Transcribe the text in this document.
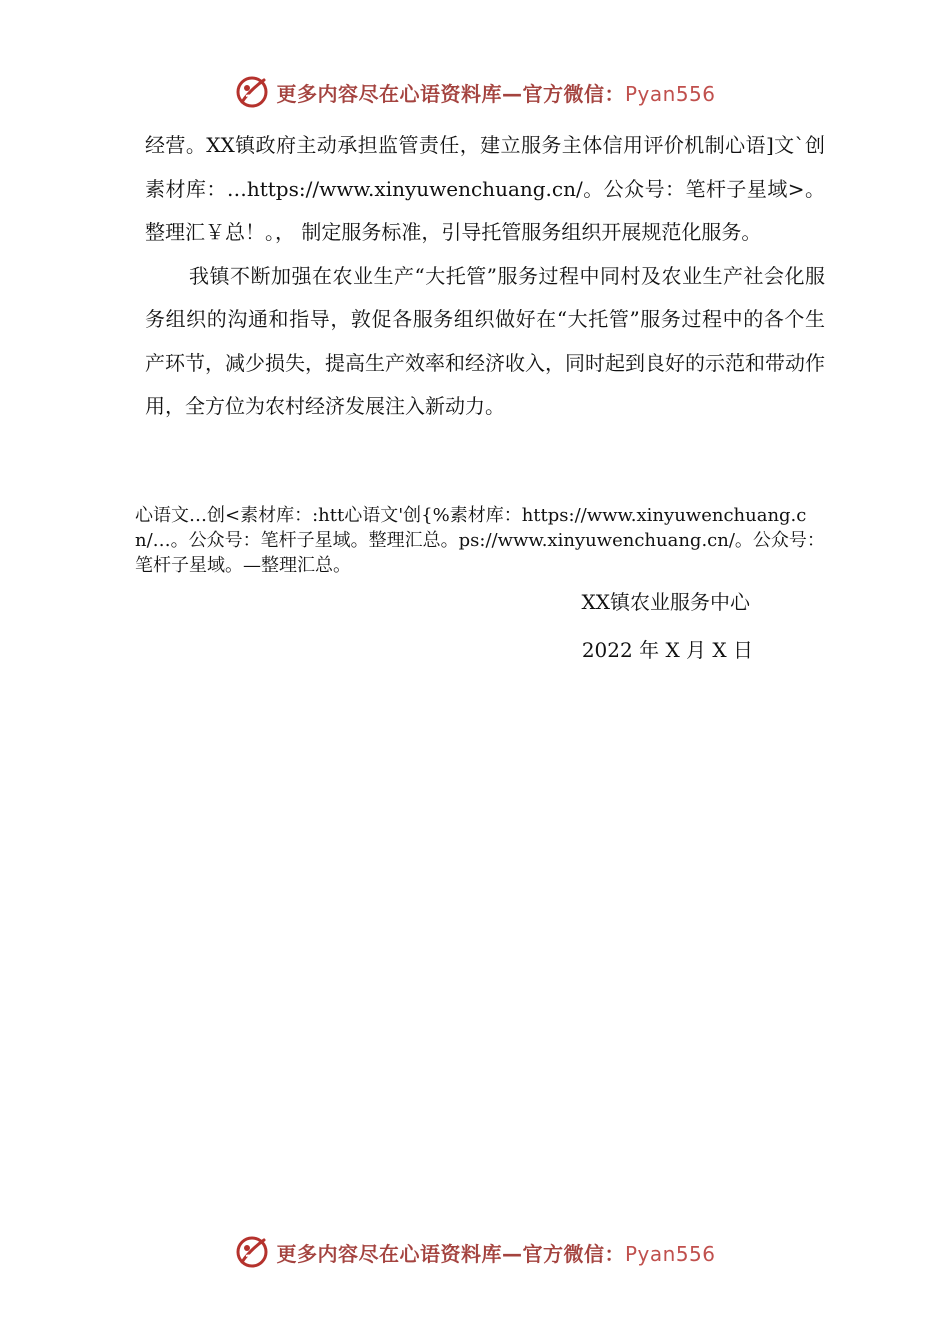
更多内容尽在心语资料库—官方微信：Pyan556

经营。XX镇政府主动承担监管责任，建立服务主体信用评价机制心语]文`创素材库：…https://www.xinyuwenchuang.cn/。公众号：笔杆子星域>。整理汇￥总！。， 制定服务标准，引导托管服务组织开展规范化服务。

我镇不断加强在农业生产“大托管”服务过程中同村及农业生产社会化服务组织的沟通和指导，敦促各服务组织做好在“大托管”服务过程中的各个生产环节，减少损失，提高生产效率和经济收入，同时起到良好的示范和带动作用，全方位为农村经济发展注入新动力。

心语文…创<素材库：:htt心语文'创{%素材库：https://www.xinyuwenchuang.cn/…。公众号：笔杆子星域。整理汇总。ps://www.xinyuwenchuang.cn/。公众号：笔杆子星域。—整理汇总。

XX镇农业服务中心
2022 年 X 月 X 日
更多内容尽在心语资料库—官方微信：Pyan556
